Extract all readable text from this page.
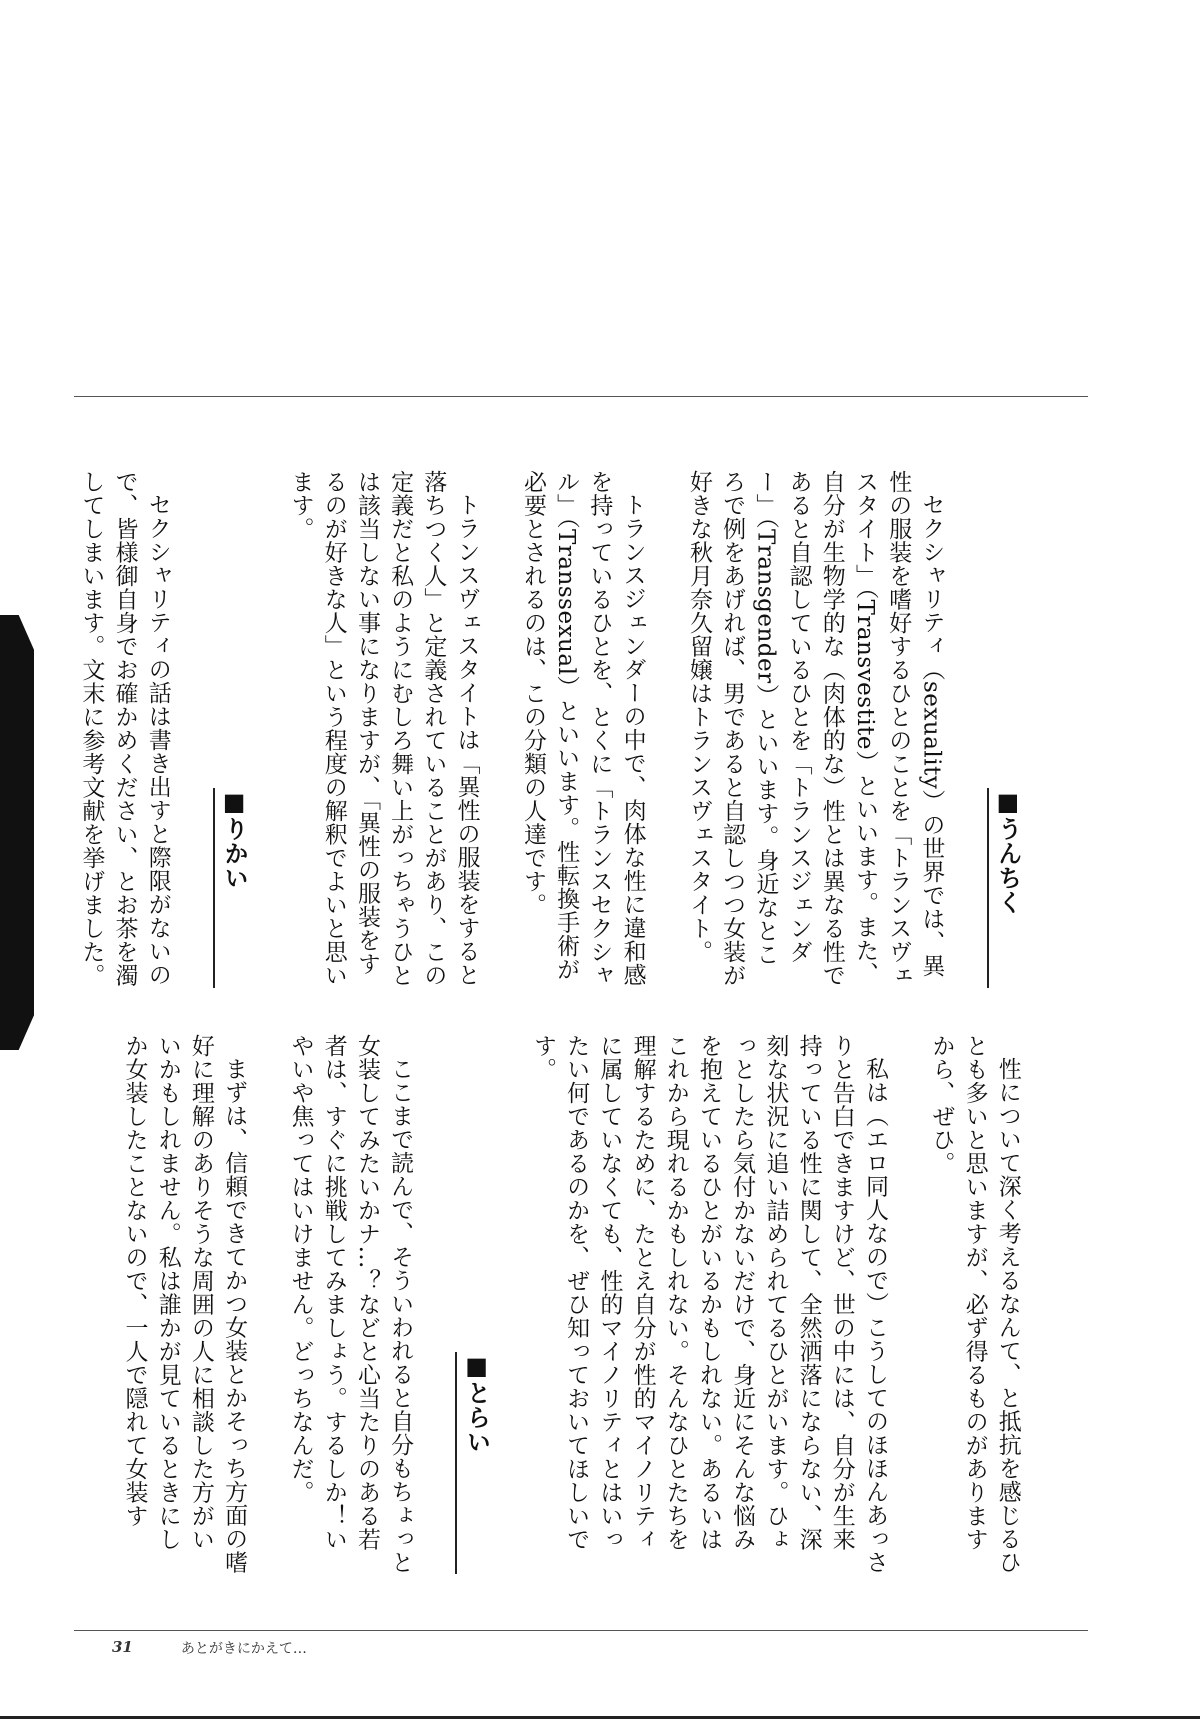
■うんちく

セクシャリティ（sexuality）の世界では、異性の服装を嗜好するひとのことを「トランスヴェスタイト」（Transvestite）といいます。また、自分が生物学的な（肉体的な）性とは異なる性であると自認しているひとを「トランスジェンダー」（Transgender）といいます。身近なところで例をあげれば、男であると自認しつつ女装が好きな秋月奈久留嬢はトランスヴェスタイト。

トランスジェンダーの中で、肉体な性に違和感を持っているひとを、とくに「トランスセクシャル」（Transsexual）といいます。性転換手術が必要とされるのは、この分類の人達です。

トランスヴェスタイトは「異性の服装をすると落ちつく人」と定義されていることがあり、この定義だと私のようにむしろ舞い上がっちゃうひとは該当しない事になりますが、「異性の服装をするのが好きな人」という程度の解釈でよいと思います。

■りかい

セクシャリティの話は書き出すと際限がないので、皆様御自身でお確かめください、とお茶を濁してしまいます。文末に参考文献を挙げました。

性について深く考えるなんて、と抵抗を感じるひとも多いと思いますが、必ず得るものがありますから、ぜひ。

私は（エロ同人なので）こうしてのほほんあっさりと告白できますけど、世の中には、自分が生来持っている性に関して、全然洒落にならない、深刻な状況に追い詰められてるひとがいます。ひょっとしたら気付かないだけで、身近にそんな悩みを抱えているひとがいるかもしれない。あるいはこれから現れるかもしれない。そんなひとたちを理解するために、たとえ自分が性的マイノリティに属していなくても、性的マイノリティとはいったい何であるのかを、ぜひ知っておいてほしいです。

■とらい

ここまで読んで、そういわれると自分もちょっと女装してみたいかナ…？などと心当たりのある若者は、すぐに挑戦してみましょう。するしか！いやいや焦ってはいけません。どっちなんだ。

まずは、信頼できてかつ女装とかそっち方面の嗜好に理解のありそうな周囲の人に相談した方がいいかもしれません。私は誰かが見ているときにしか女装したことないので、一人で隠れて女装す

31	あとがきにかえて…
